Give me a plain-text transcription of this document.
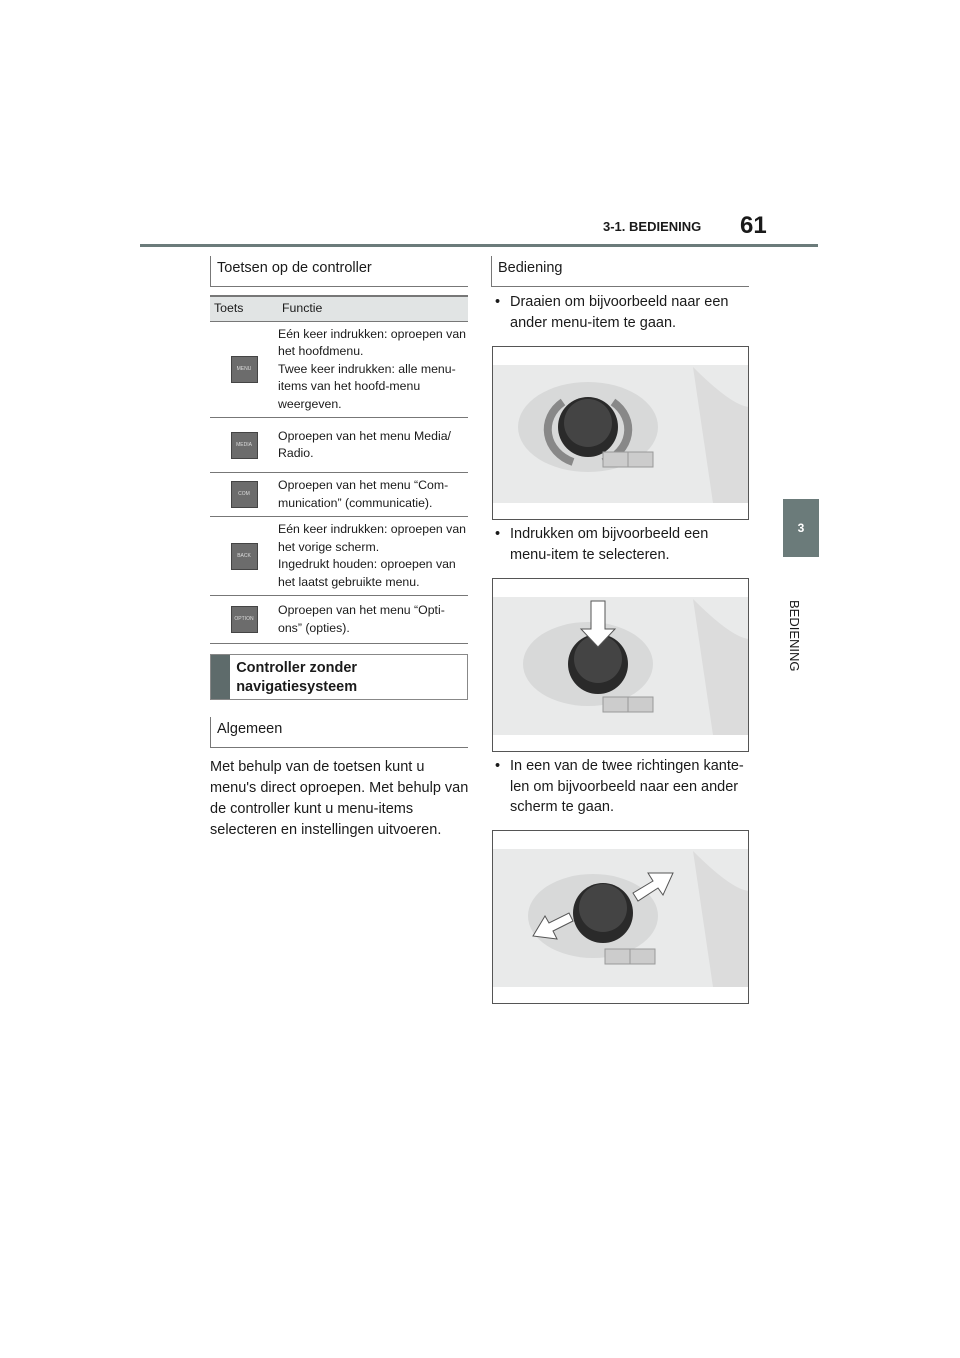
3-1. BEDIENING 61
3
BEDIENING
Toetsen op de controller
Toets	Functie
MENU	Eén keer indrukken: oproepen van het hoofdmenu.
Twee keer indrukken: alle menu-items van het hoofd-menu weergeven.

MEDIA	Oproepen van het menu Media/ Radio.
COM	Oproepen van het menu “Com-munication” (communicatie).
BACK	Eén keer indrukken: oproepen van het vorige scherm.
Ingedrukt houden: oproepen van het laatst gebruikte menu.

OPTION	Oproepen van het menu “Opti-ons” (opties).
Controller zonder navigatiesysteem
Algemeen

Met behulp van de toetsen kunt u menu's direct oproepen. Met behulp van de controller kunt u menu-items selecteren en instellingen uitvoeren.

Bediening
• Draaien om bijvoorbeeld naar een ander menu-item te gaan.
• Indrukken om bijvoorbeeld een menu-item te selecteren.
• In een van de twee richtingen kante-len om bijvoorbeeld naar een ander scherm te gaan.
